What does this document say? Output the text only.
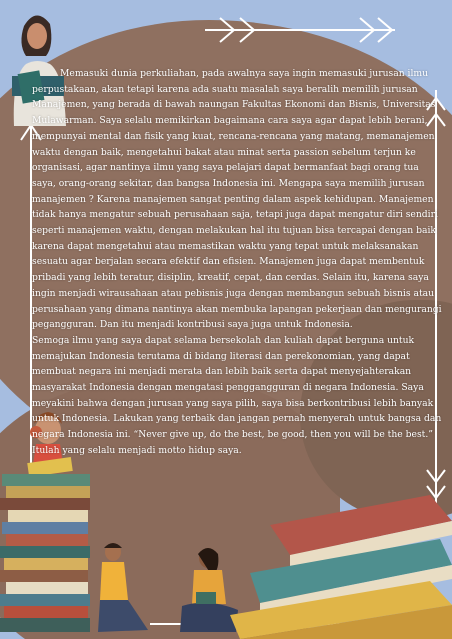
Memasuki dunia perkuliahan, pada awalnya saya ingin memasuki jurusan ilmu perpustakaan, akan tetapi karena ada suatu masalah saya beralih memilih jurusan Manajemen, yang berada di bawah naungan Fakultas Ekonomi dan Bisnis, Universitas Mulawarman. Saya selalu memikirkan bagaimana cara saya agar dapat lebih berani, mempunyai mental dan fisik yang kuat, rencana-rencana yang matang, memanajemen waktu dengan baik, mengetahui bakat atau minat serta passion sebelum terjun ke organisasi, agar nantinya ilmu yang saya pelajari dapat bermanfaat bagi orang tua saya, orang-orang sekitar, dan bangsa Indonesia ini. Mengapa saya memilih jurusan manajemen ? Karena manajemen sangat penting dalam aspek kehidupan. Manajemen tidak hanya mengatur sebuah perusahaan saja, tetapi juga dapat mengatur diri sendiri seperti manajemen waktu, dengan melakukan hal itu tujuan bisa tercapai dengan baik karena dapat mengetahui atau memastikan waktu yang tepat untuk melaksanakan sesuatu agar berjalan secara efektif dan efisien. Manajemen juga dapat membentuk pribadi yang lebih teratur, disiplin, kreatif, cepat, dan cerdas. Selain itu, karena saya ingin menjadi wirausahaan atau pebisnis juga dengan membangun sebuah bisnis atau perusahaan yang dimana nantinya akan membuka lapangan pekerjaan dan mengurangi pegangguran. Dan itu menjadi kontribusi saya juga untuk Indonesia.

Semoga ilmu yang saya dapat selama bersekolah dan kuliah dapat berguna untuk memajukan Indonesia terutama di bidang literasi dan perekonomian, yang dapat membuat negara ini menjadi merata dan lebih baik serta dapat menyejahterakan masyarakat Indonesia dengan mengatasi penggangguran di negara Indonesia. Saya meyakini bahwa dengan jurusan yang saya pilih, saya bisa berkontribusi lebih banyak untuk Indonesia. Lakukan yang terbaik dan jangan pernah menyerah untuk bangsa dan negara Indonesia ini. “Never give up, do the best, be good, then you will be the best.” Itulah yang selalu menjadi motto hidup saya.
